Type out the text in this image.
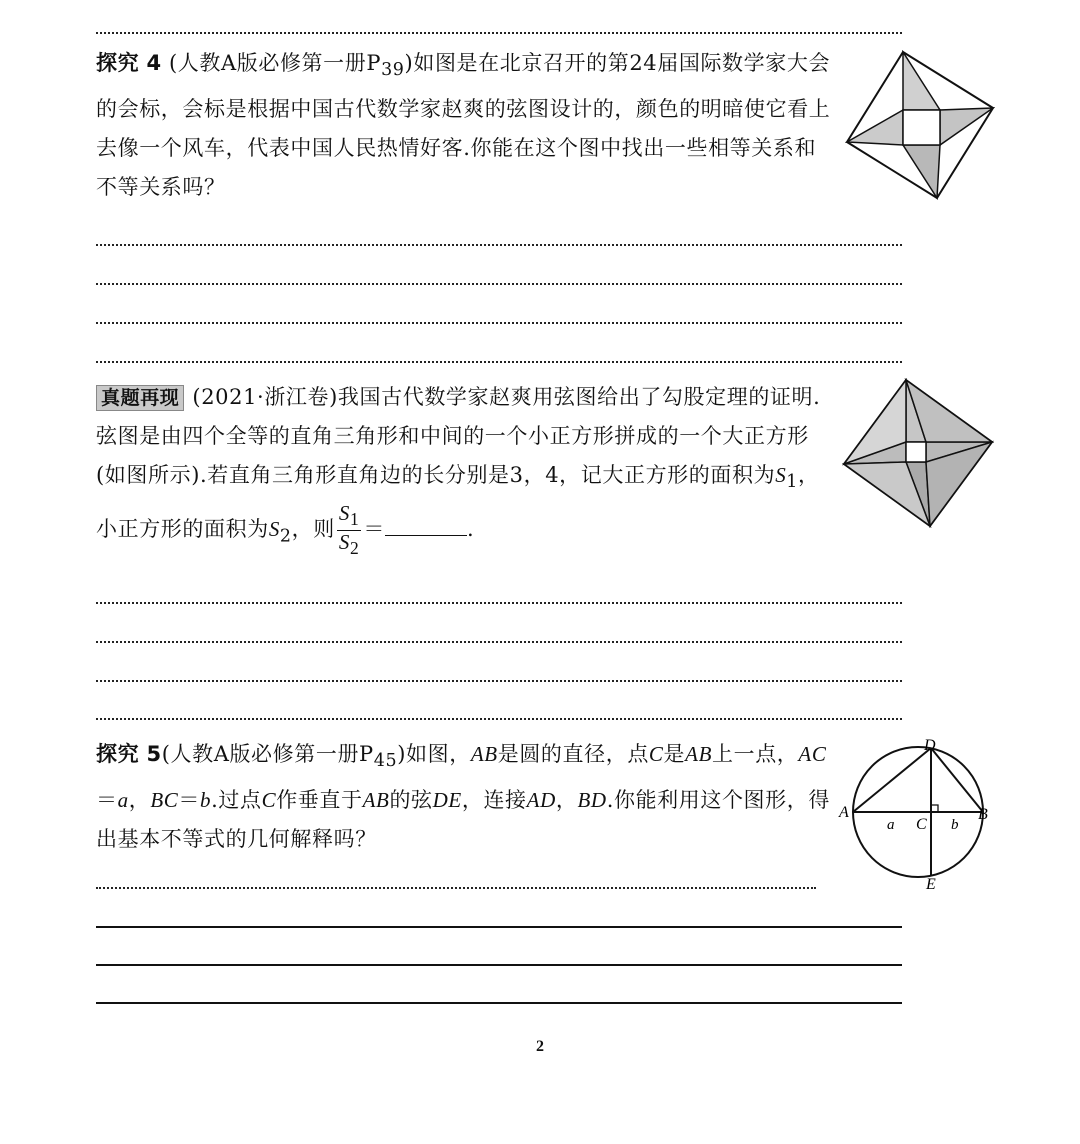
探究 4 (人教A版必修第一册$P_{39}$)如图是在北京召开的第24届国际数学家大会的会标，会标是根据中国古代数学家赵爽的弦图设计的，颜色的明暗使它看上去像一个风车，代表中国人民热情好客.你能在这个图中找出一些相等关系和不等关系吗？
真题再现 (2021·浙江卷)我国古代数学家赵爽用弦图给出了勾股定理的证明.弦图是由四个全等的直角三角形和中间的一个小正方形拼成的一个大正方形(如图所示).若直角三角形直角边的长分别是3，4，记大正方形的面积为$S_1$，小正方形的面积为$S_2$，则 $\frac{S_1}{S_2}$ ＝	.
探究 5(人教A版必修第一册$P_{45}$)如图，AB是圆的直径，点C是AB上一点，AC＝a，BC＝b.过点C作垂直于AB的弦DE，连接AD，BD.你能利用这个图形，得出基本不等式的几何解释吗？
D
A	B
C
E
a	b
2
